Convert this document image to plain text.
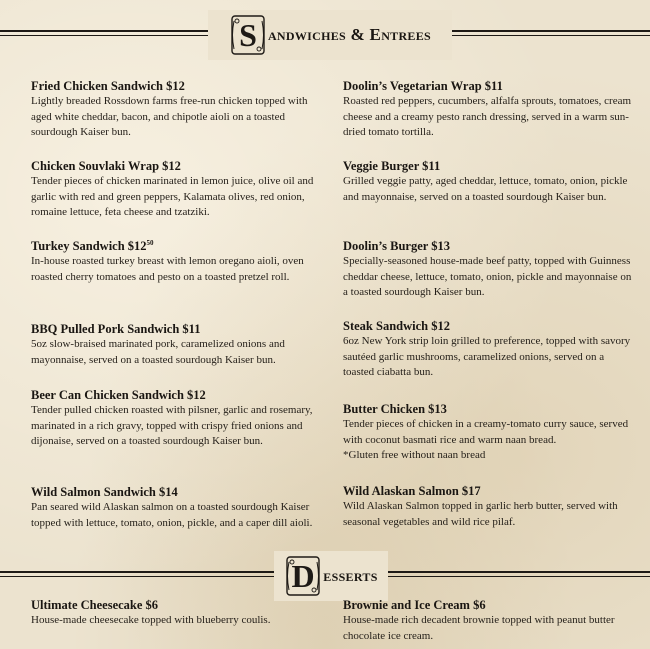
S andwiches & Entrees
Fried Chicken Sandwich $12
Lightly breaded Rossdown farms free-run chicken topped with aged white cheddar, bacon, and chipotle aioli on a toasted sourdough Kaiser bun.
Chicken Souvlaki Wrap $12
Tender pieces of chicken marinated in lemon juice, olive oil and garlic with red and green peppers, Kalamata olives, red onion, romaine lettuce, feta cheese and tzatziki.
Turkey Sandwich $\$12^{50}$
In-house roasted turkey breast with lemon oregano aioli, oven roasted cherry tomatoes and pesto on a toasted pretzel roll.
BBQ Pulled Pork Sandwich $11
5oz slow-braised marinated pork, caramelized onions and mayonnaise, served on a toasted sourdough Kaiser bun.
Beer Can Chicken Sandwich $12
Tender pulled chicken roasted with pilsner, garlic and rosemary, marinated in a rich gravy, topped with crispy fried onions and dijonaise, served on a toasted sourdough Kaiser bun.
Wild Salmon Sandwich $14
Pan seared wild Alaskan salmon on a toasted sourdough Kaiser topped with lettuce, tomato, onion, pickle, and a caper dill aioli.
Doolin’s Vegetarian Wrap $11
Roasted red peppers, cucumbers, alfalfa sprouts, tomatoes, cream cheese and a creamy pesto ranch dressing, served in a warm sun-dried tomato tortilla.
Veggie Burger $11
Grilled veggie patty, aged cheddar, lettuce, tomato, onion, pickle and mayonnaise, served on a toasted sourdough Kaiser bun.
Doolin’s Burger $13
Specially-seasoned house-made beef patty, topped with Guinness cheddar cheese, lettuce, tomato, onion, pickle and mayonnaise on a toasted sourdough Kaiser bun.
Steak Sandwich $12
6oz New York strip loin grilled to preference, topped with savory sautéed garlic mushrooms, caramelized onions, served on a toasted ciabatta bun.
Butter Chicken $13
Tender pieces of chicken in a creamy-tomato curry sauce, served with coconut basmati rice and warm naan bread.
*Gluten free without naan bread
Wild Alaskan Salmon $17
Wild Alaskan Salmon topped in garlic herb butter, served with seasonal vegetables and wild rice pilaf.
D esserts
Ultimate Cheesecake $6
House-made cheesecake topped with blueberry coulis.
Brownie and Ice Cream $6
House-made rich decadent brownie topped with peanut butter chocolate ice cream.
